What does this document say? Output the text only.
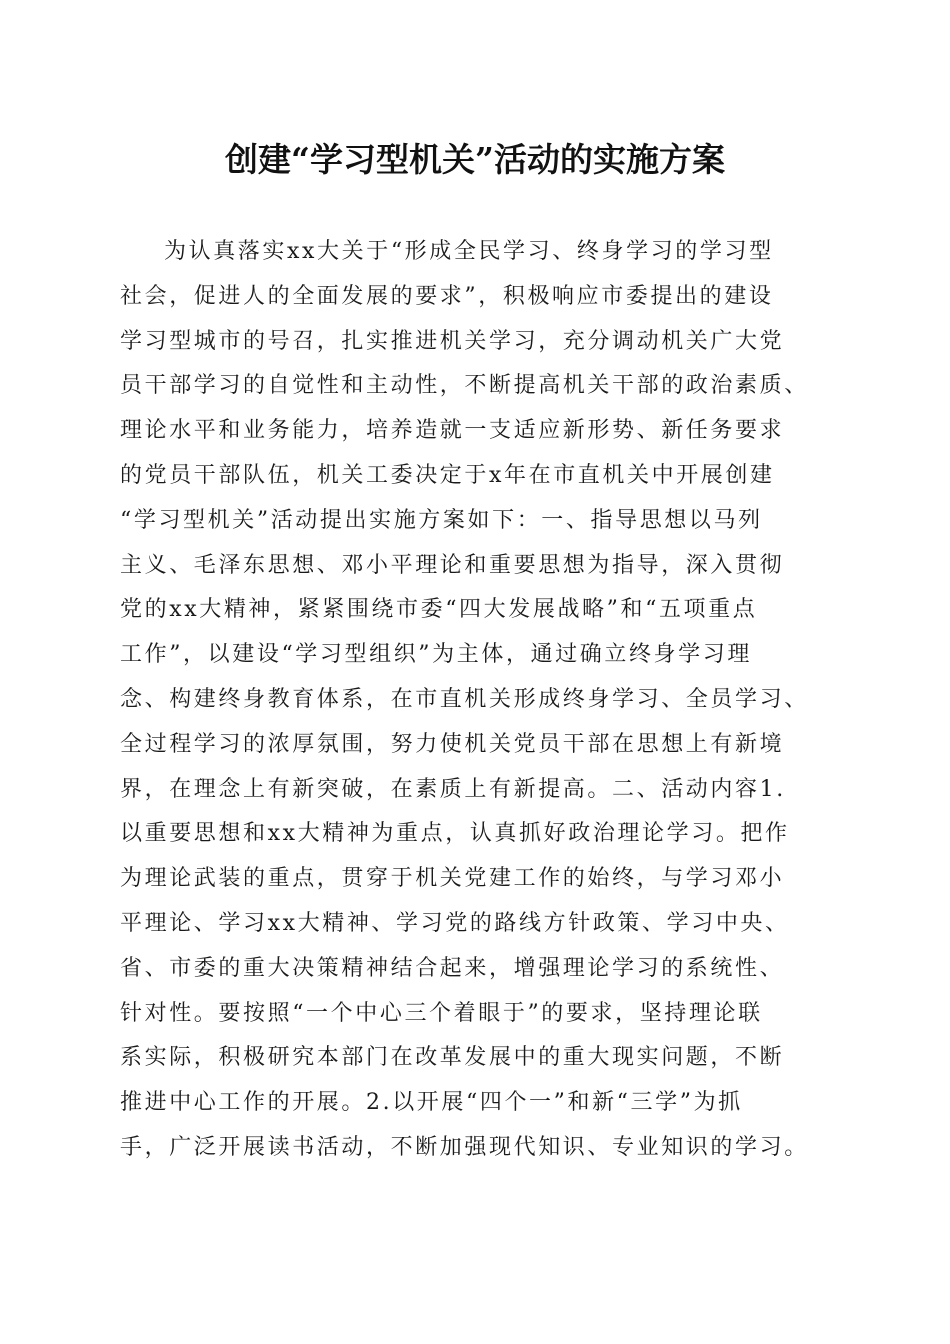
创建“学习型机关”活动的实施方案
为认真落实xx大关于“形成全民学习、终身学习的学习型
社会，促进人的全面发展的要求”，积极响应市委提出的建设
学习型城市的号召，扎实推进机关学习，充分调动机关广大党
员干部学习的自觉性和主动性，不断提高机关干部的政治素质、
理论水平和业务能力，培养造就一支适应新形势、新任务要求
的党员干部队伍，机关工委决定于x年在市直机关中开展创建
“学习型机关”活动提出实施方案如下：一、指导思想以马列
主义、毛泽东思想、邓小平理论和重要思想为指导，深入贯彻
党的xx大精神，紧紧围绕市委“四大发展战略”和“五项重点
工作”，以建设“学习型组织”为主体，通过确立终身学习理
念、构建终身教育体系，在市直机关形成终身学习、全员学习、
全过程学习的浓厚氛围，努力使机关党员干部在思想上有新境
界，在理念上有新突破，在素质上有新提高。二、活动内容1.
以重要思想和xx大精神为重点，认真抓好政治理论学习。把作
为理论武装的重点，贯穿于机关党建工作的始终，与学习邓小
平理论、学习xx大精神、学习党的路线方针政策、学习中央、
省、市委的重大决策精神结合起来，增强理论学习的系统性、
针对性。要按照“一个中心三个着眼于”的要求，坚持理论联
系实际，积极研究本部门在改革发展中的重大现实问题，不断
推进中心工作的开展。2.以开展“四个一”和新“三学”为抓
手，广泛开展读书活动，不断加强现代知识、专业知识的学习。
